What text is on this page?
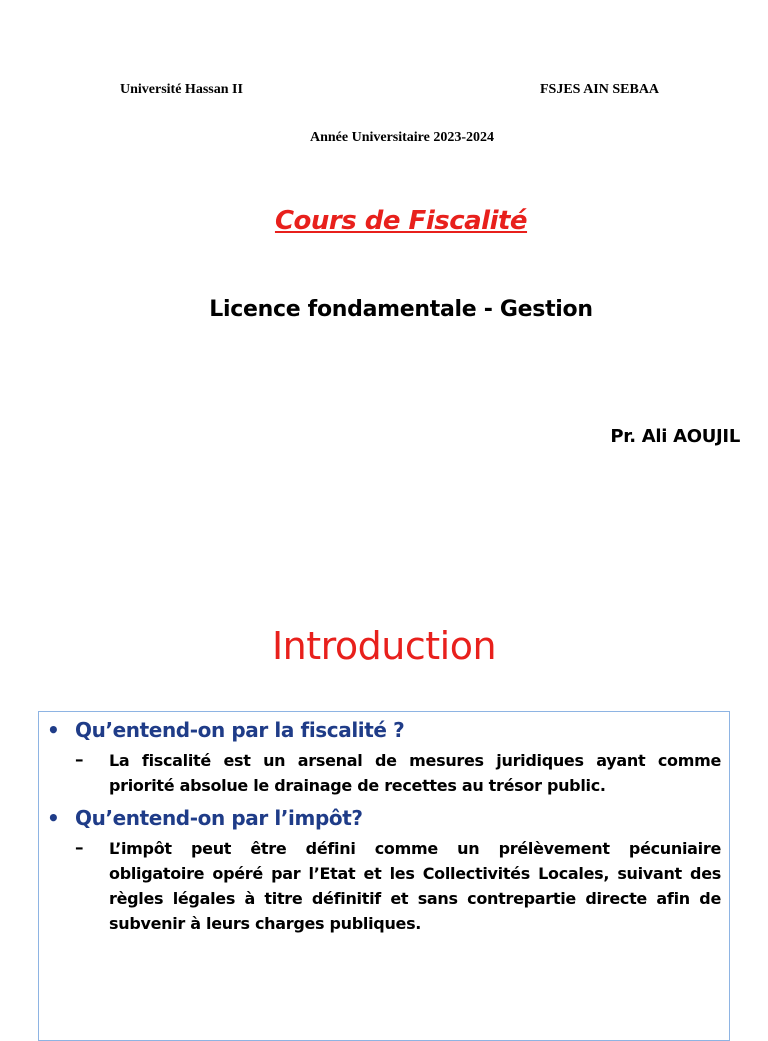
Université Hassan II	FSJES AIN SEBAA
Année Universitaire 2023-2024
Cours de Fiscalité
Licence fondamentale - Gestion
Pr. Ali AOUJIL
Introduction
• Qu’entend-on par la fiscalité ?
–	La fiscalité est un arsenal de mesures juridiques ayant comme priorité absolue le drainage de recettes au trésor public.
• Qu’entend-on par l’impôt?
–	L’impôt peut être défini comme un prélèvement pécuniaire obligatoire opéré par l’Etat et les Collectivités Locales, suivant des règles légales à titre définitif et sans contrepartie directe afin de subvenir à leurs charges publiques.
